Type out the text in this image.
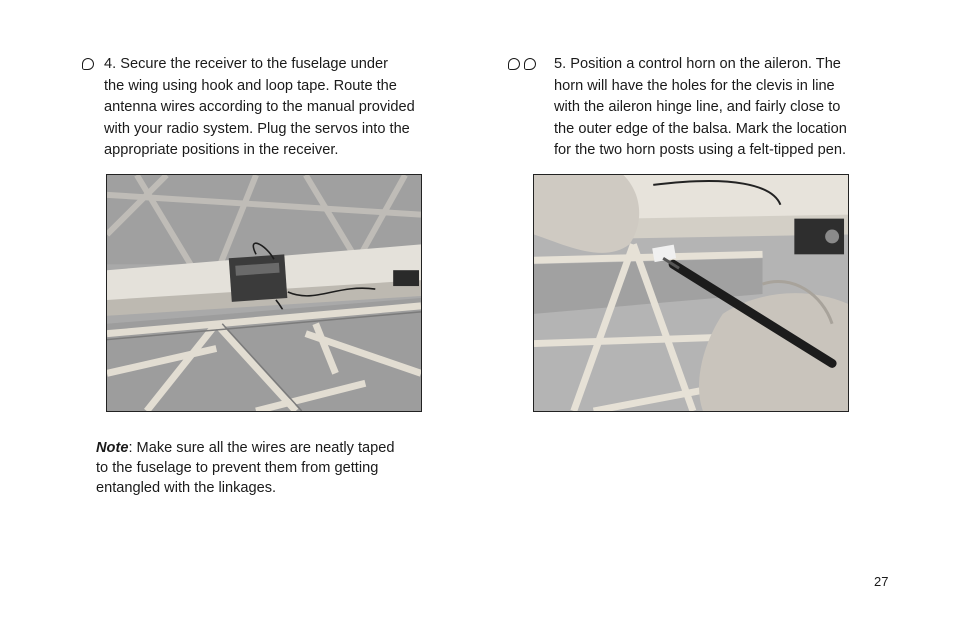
4. Secure the receiver to the fuselage under
the wing using hook and loop tape. Route the
antenna wires according to the manual provided
with your radio system. Plug the servos into the
appropriate positions in the receiver.
5. Position a control horn on the aileron. The
horn will have the holes for the clevis in line
with the aileron hinge line, and fairly close to
the outer edge of the balsa. Mark the location
for the two horn posts using a felt-tipped pen.
Note: Make sure all the wires are neatly taped
to the fuselage to prevent them from getting
entangled with the linkages.
27
